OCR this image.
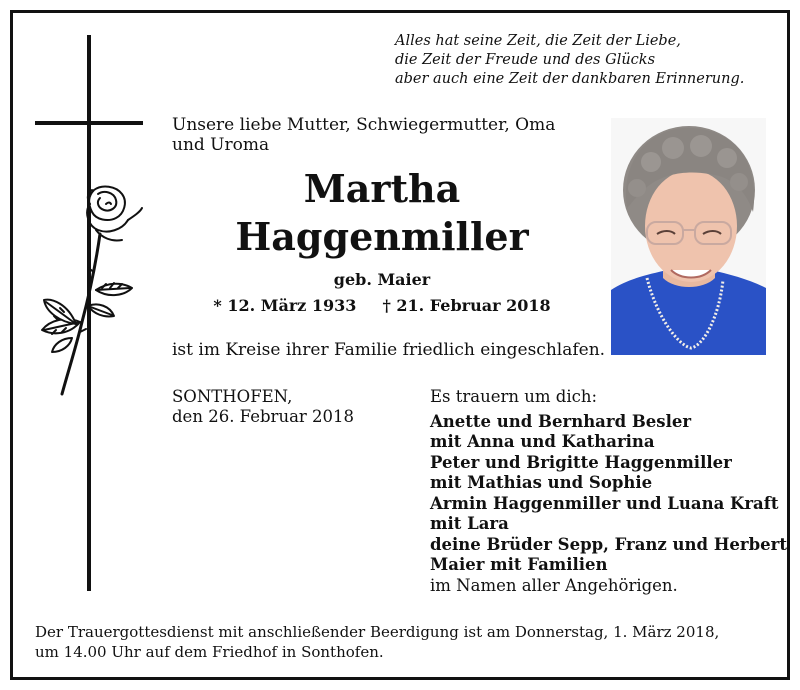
Alles hat seine Zeit, die Zeit der Liebe,
die Zeit der Freude und des Glücks
aber auch eine Zeit der dankbaren Erinnerung.
Unsere liebe Mutter, Schwiegermutter, Oma
und Uroma
Martha
Haggenmiller
geb. Maier
* 12. März 1933 † 21. Februar 2018
ist im Kreise ihrer Familie friedlich eingeschlafen.
SONTHOFEN,
den 26. Februar 2018
Es trauern um dich:
Anette und Bernhard Besler
mit Anna und Katharina
Peter und Brigitte Haggenmiller
mit Mathias und Sophie
Armin Haggenmiller und Luana Kraft
mit Lara
deine Brüder Sepp, Franz und Herbert
Maier mit Familien
im Namen aller Angehörigen.
Der Trauergottesdienst mit anschließender Beerdigung ist am Donnerstag, 1. März 2018,
um 14.00 Uhr auf dem Friedhof in Sonthofen.
